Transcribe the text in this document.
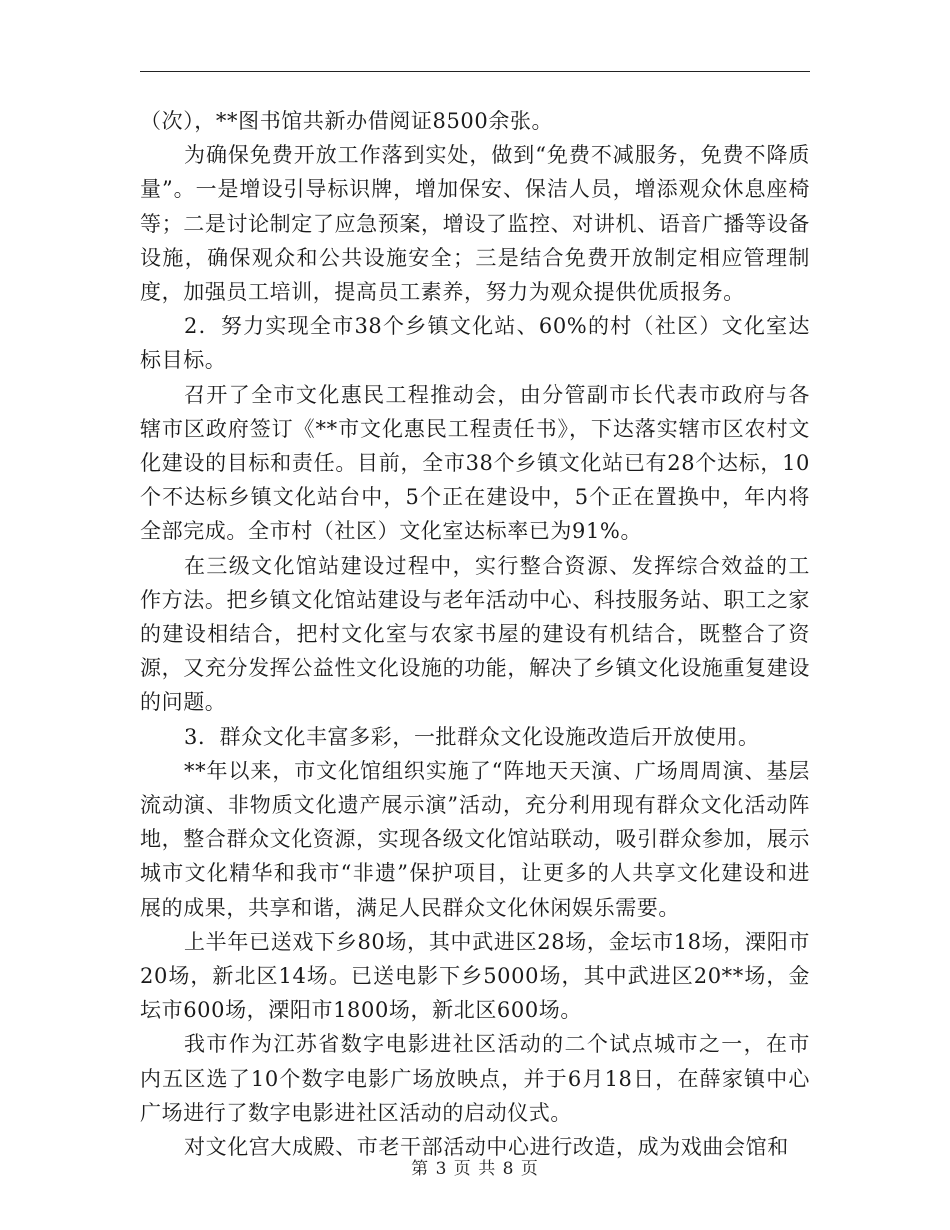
（次），**图书馆共新办借阅证8500余张。

为确保免费开放工作落到实处，做到“免费不减服务，免费不降质量”。一是增设引导标识牌，增加保安、保洁人员，增添观众休息座椅等；二是讨论制定了应急预案，增设了监控、对讲机、语音广播等设备设施，确保观众和公共设施安全；三是结合免费开放制定相应管理制度，加强员工培训，提高员工素养，努力为观众提供优质报务。

2．努力实现全市38个乡镇文化站、60%的村（社区）文化室达标目标。

召开了全市文化惠民工程推动会，由分管副市长代表市政府与各辖市区政府签订《**市文化惠民工程责任书》，下达落实辖市区农村文化建设的目标和责任。目前，全市38个乡镇文化站已有28个达标，10个不达标乡镇文化站台中，5个正在建设中，5个正在置换中，年内将全部完成。全市村（社区）文化室达标率已为91%。

在三级文化馆站建设过程中，实行整合资源、发挥综合效益的工作方法。把乡镇文化馆站建设与老年活动中心、科技服务站、职工之家的建设相结合，把村文化室与农家书屋的建设有机结合，既整合了资源，又充分发挥公益性文化设施的功能，解决了乡镇文化设施重复建设的问题。

3．群众文化丰富多彩，一批群众文化设施改造后开放使用。

**年以来，市文化馆组织实施了“阵地天天演、广场周周演、基层流动演、非物质文化遗产展示演”活动，充分利用现有群众文化活动阵地，整合群众文化资源，实现各级文化馆站联动，吸引群众参加，展示城市文化精华和我市“非遗”保护项目，让更多的人共享文化建设和进展的成果，共享和谐，满足人民群众文化休闲娱乐需要。

上半年已送戏下乡80场，其中武进区28场，金坛市18场，溧阳市20场，新北区14场。已送电影下乡5000场，其中武进区20**场，金坛市600场，溧阳市1800场，新北区600场。

我市作为江苏省数字电影进社区活动的二个试点城市之一，在市内五区选了10个数字电影广场放映点，并于6月18日，在薛家镇中心广场进行了数字电影进社区活动的启动仪式。

对文化宫大成殿、市老干部活动中心进行改造，成为戏曲会馆和

第 3 页 共 8 页
